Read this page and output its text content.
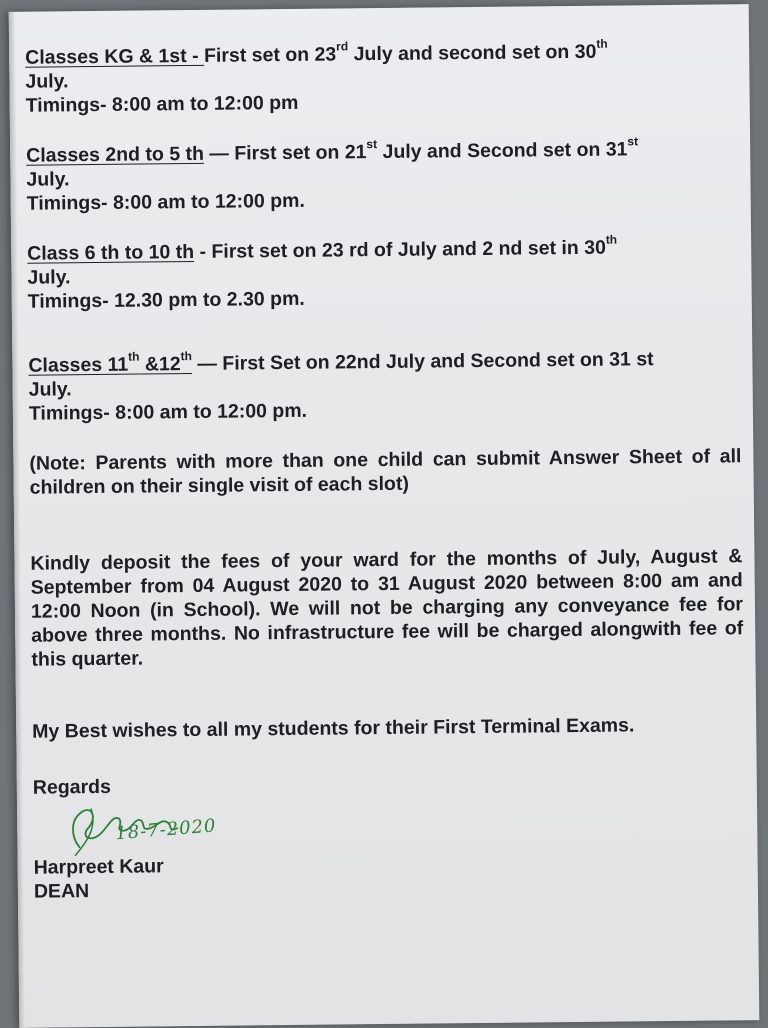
Classes KG & 1st - First set on 23rd July and second set on 30th
July.
Timings- 8:00 am to 12:00 pm
Classes 2nd to 5 th — First set on 21st July and Second set on 31st
July.
Timings- 8:00 am to 12:00 pm.
Class 6 th to 10 th - First set on 23 rd of July and 2 nd set in 30th
July.
Timings- 12.30 pm to 2.30 pm.
Classes 11th &12th — First Set on 22nd July and Second set on 31 st
July.
Timings- 8:00 am to 12:00 pm.
(Note: Parents with more than one child can submit Answer Sheet of all children on their single visit of each slot)
Kindly deposit the fees of your ward for the months of July, August & September from 04 August 2020 to 31 August 2020 between 8:00 am and 12:00 Noon (in School). We will not be charging any conveyance fee for above three months. No infrastructure fee will be charged alongwith fee of this quarter.
My Best wishes to all my students for their First Terminal Exams.
Regards
18-7-2020
Harpreet Kaur
DEAN
